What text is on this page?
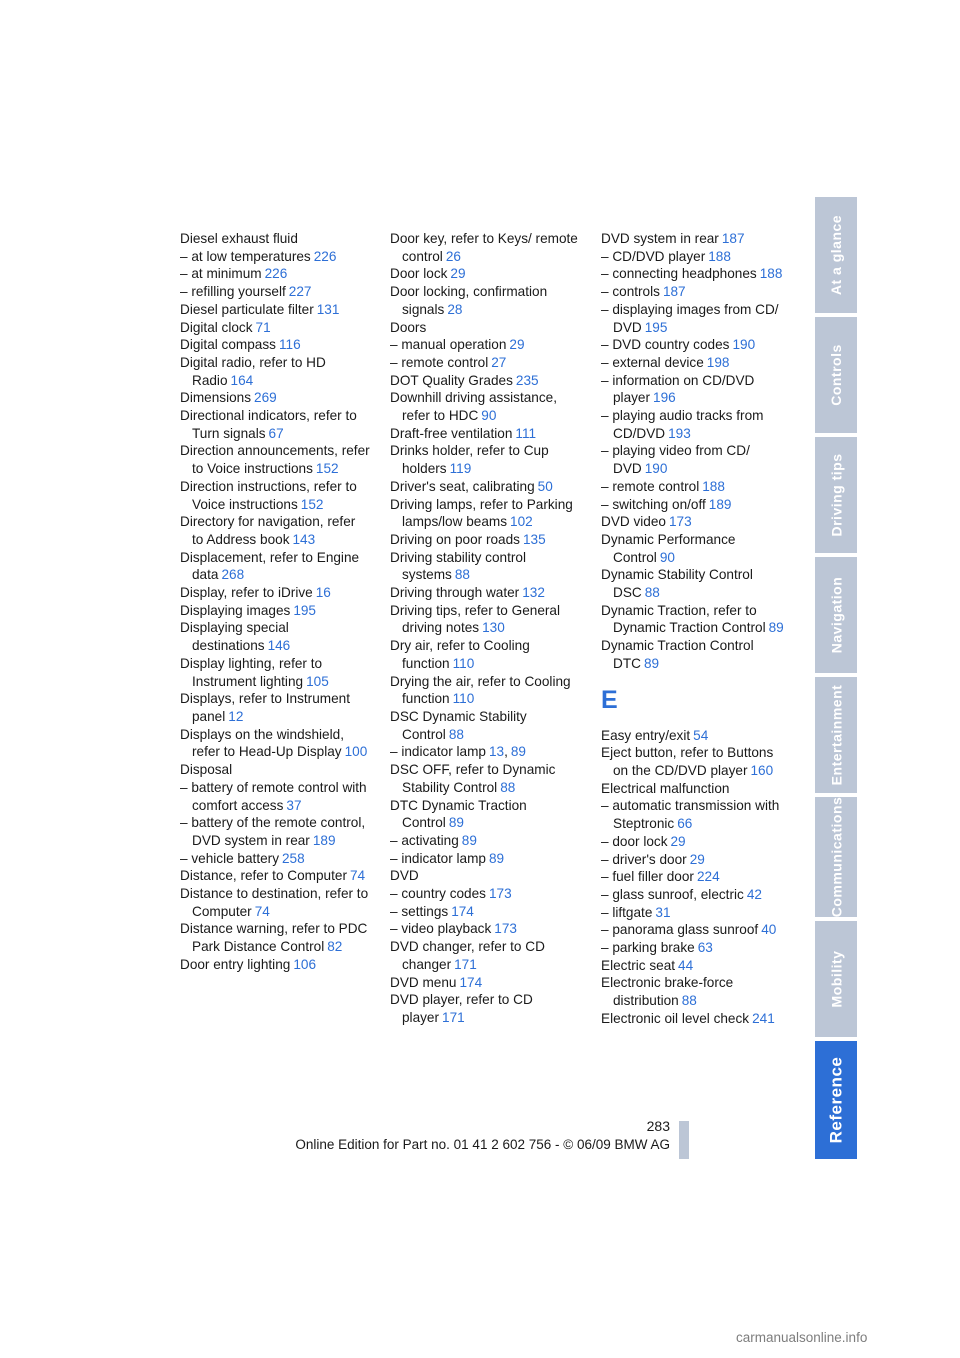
Diesel exhaust fluid
– at low temperatures 226
– at minimum 226
– refilling yourself 227
Diesel particulate filter 131
Digital clock 71
Digital compass 116
Digital radio, refer to HD Radio 164
Dimensions 269
Directional indicators, refer to Turn signals 67
Direction announcements, refer to Voice instructions 152
Direction instructions, refer to Voice instructions 152
Directory for navigation, refer to Address book 143
Displacement, refer to Engine data 268
Display, refer to iDrive 16
Displaying images 195
Displaying special destinations 146
Display lighting, refer to Instrument lighting 105
Displays, refer to Instrument panel 12
Displays on the windshield, refer to Head-Up Display 100
Disposal
– battery of remote control with comfort access 37
– battery of the remote control, DVD system in rear 189
– vehicle battery 258
Distance, refer to Computer 74
Distance to destination, refer to Computer 74
Distance warning, refer to PDC Park Distance Control 82
Door entry lighting 106
Door key, refer to Keys/ remote control 26
Door lock 29
Door locking, confirmation signals 28
Doors
– manual operation 29
– remote control 27
DOT Quality Grades 235
Downhill driving assistance, refer to HDC 90
Draft-free ventilation 111
Drinks holder, refer to Cup holders 119
Driver's seat, calibrating 50
Driving lamps, refer to Parking lamps/low beams 102
Driving on poor roads 135
Driving stability control systems 88
Driving through water 132
Driving tips, refer to General driving notes 130
Dry air, refer to Cooling function 110
Drying the air, refer to Cooling function 110
DSC Dynamic Stability Control 88
– indicator lamp 13, 89
DSC OFF, refer to Dynamic Stability Control 88
DTC Dynamic Traction Control 89
– activating 89
– indicator lamp 89
DVD
– country codes 173
– settings 174
– video playback 173
DVD changer, refer to CD changer 171
DVD menu 174
DVD player, refer to CD player 171
DVD system in rear 187
– CD/DVD player 188
– connecting headphones 188
– controls 187
– displaying images from CD/ DVD 195
– DVD country codes 190
– external device 198
– information on CD/DVD player 196
– playing audio tracks from CD/DVD 193
– playing video from CD/ DVD 190
– remote control 188
– switching on/off 189
DVD video 173
Dynamic Performance Control 90
Dynamic Stability Control DSC 88
Dynamic Traction, refer to Dynamic Traction Control 89
Dynamic Traction Control DTC 89
E
Easy entry/exit 54
Eject button, refer to Buttons on the CD/DVD player 160
Electrical malfunction
– automatic transmission with Steptronic 66
– door lock 29
– driver's door 29
– fuel filler door 224
– glass sunroof, electric 42
– liftgate 31
– panorama glass sunroof 40
– parking brake 63
Electric seat 44
Electronic brake-force distribution 88
Electronic oil level check 241
At a glance
Controls
Driving tips
Navigation
Entertainment
Communications
Mobility
Reference
283
Online Edition for Part no. 01 41 2 602 756 - © 06/09 BMW AG
carmanualsonline.info
